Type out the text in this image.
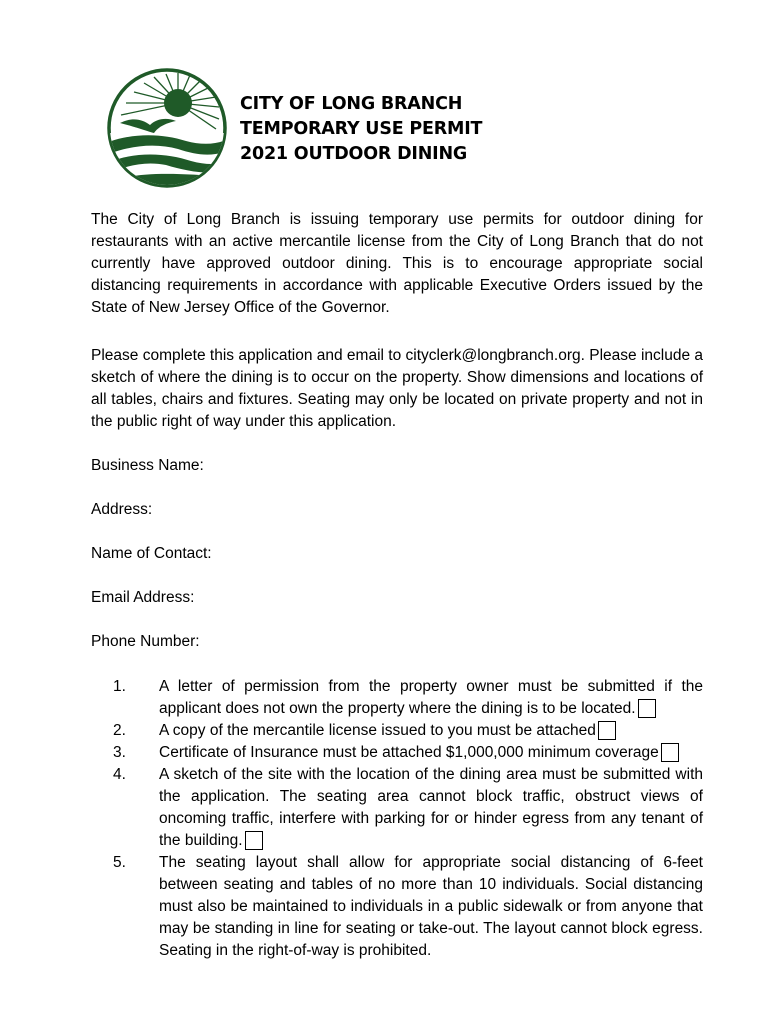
CITY OF LONG BRANCH
TEMPORARY USE PERMIT
2021 OUTDOOR DINING
The City of Long Branch is issuing temporary use permits for outdoor dining for restaurants with an active mercantile license from the City of Long Branch that do not currently have approved outdoor dining. This is to encourage appropriate social distancing requirements in accordance with applicable Executive Orders issued by the State of New Jersey Office of the Governor.
Please complete this application and email to cityclerk@longbranch.org. Please include a sketch of where the dining is to occur on the property. Show dimensions and locations of all tables, chairs and fixtures. Seating may only be located on private property and not in the public right of way under this application.
Business Name:
Address:
Name of Contact:
Email Address:
Phone Number:
1. A letter of permission from the property owner must be submitted if the applicant does not own the property where the dining is to be located.
2. A copy of the mercantile license issued to you must be attached
3. Certificate of Insurance must be attached $1,000,000 minimum coverage
4. A sketch of the site with the location of the dining area must be submitted with the application. The seating area cannot block traffic, obstruct views of oncoming traffic, interfere with parking for or hinder egress from any tenant of the building.
5. The seating layout shall allow for appropriate social distancing of 6-feet between seating and tables of no more than 10 individuals. Social distancing must also be maintained to individuals in a public sidewalk or from anyone that may be standing in line for seating or take-out. The layout cannot block egress. Seating in the right-of-way is prohibited.
